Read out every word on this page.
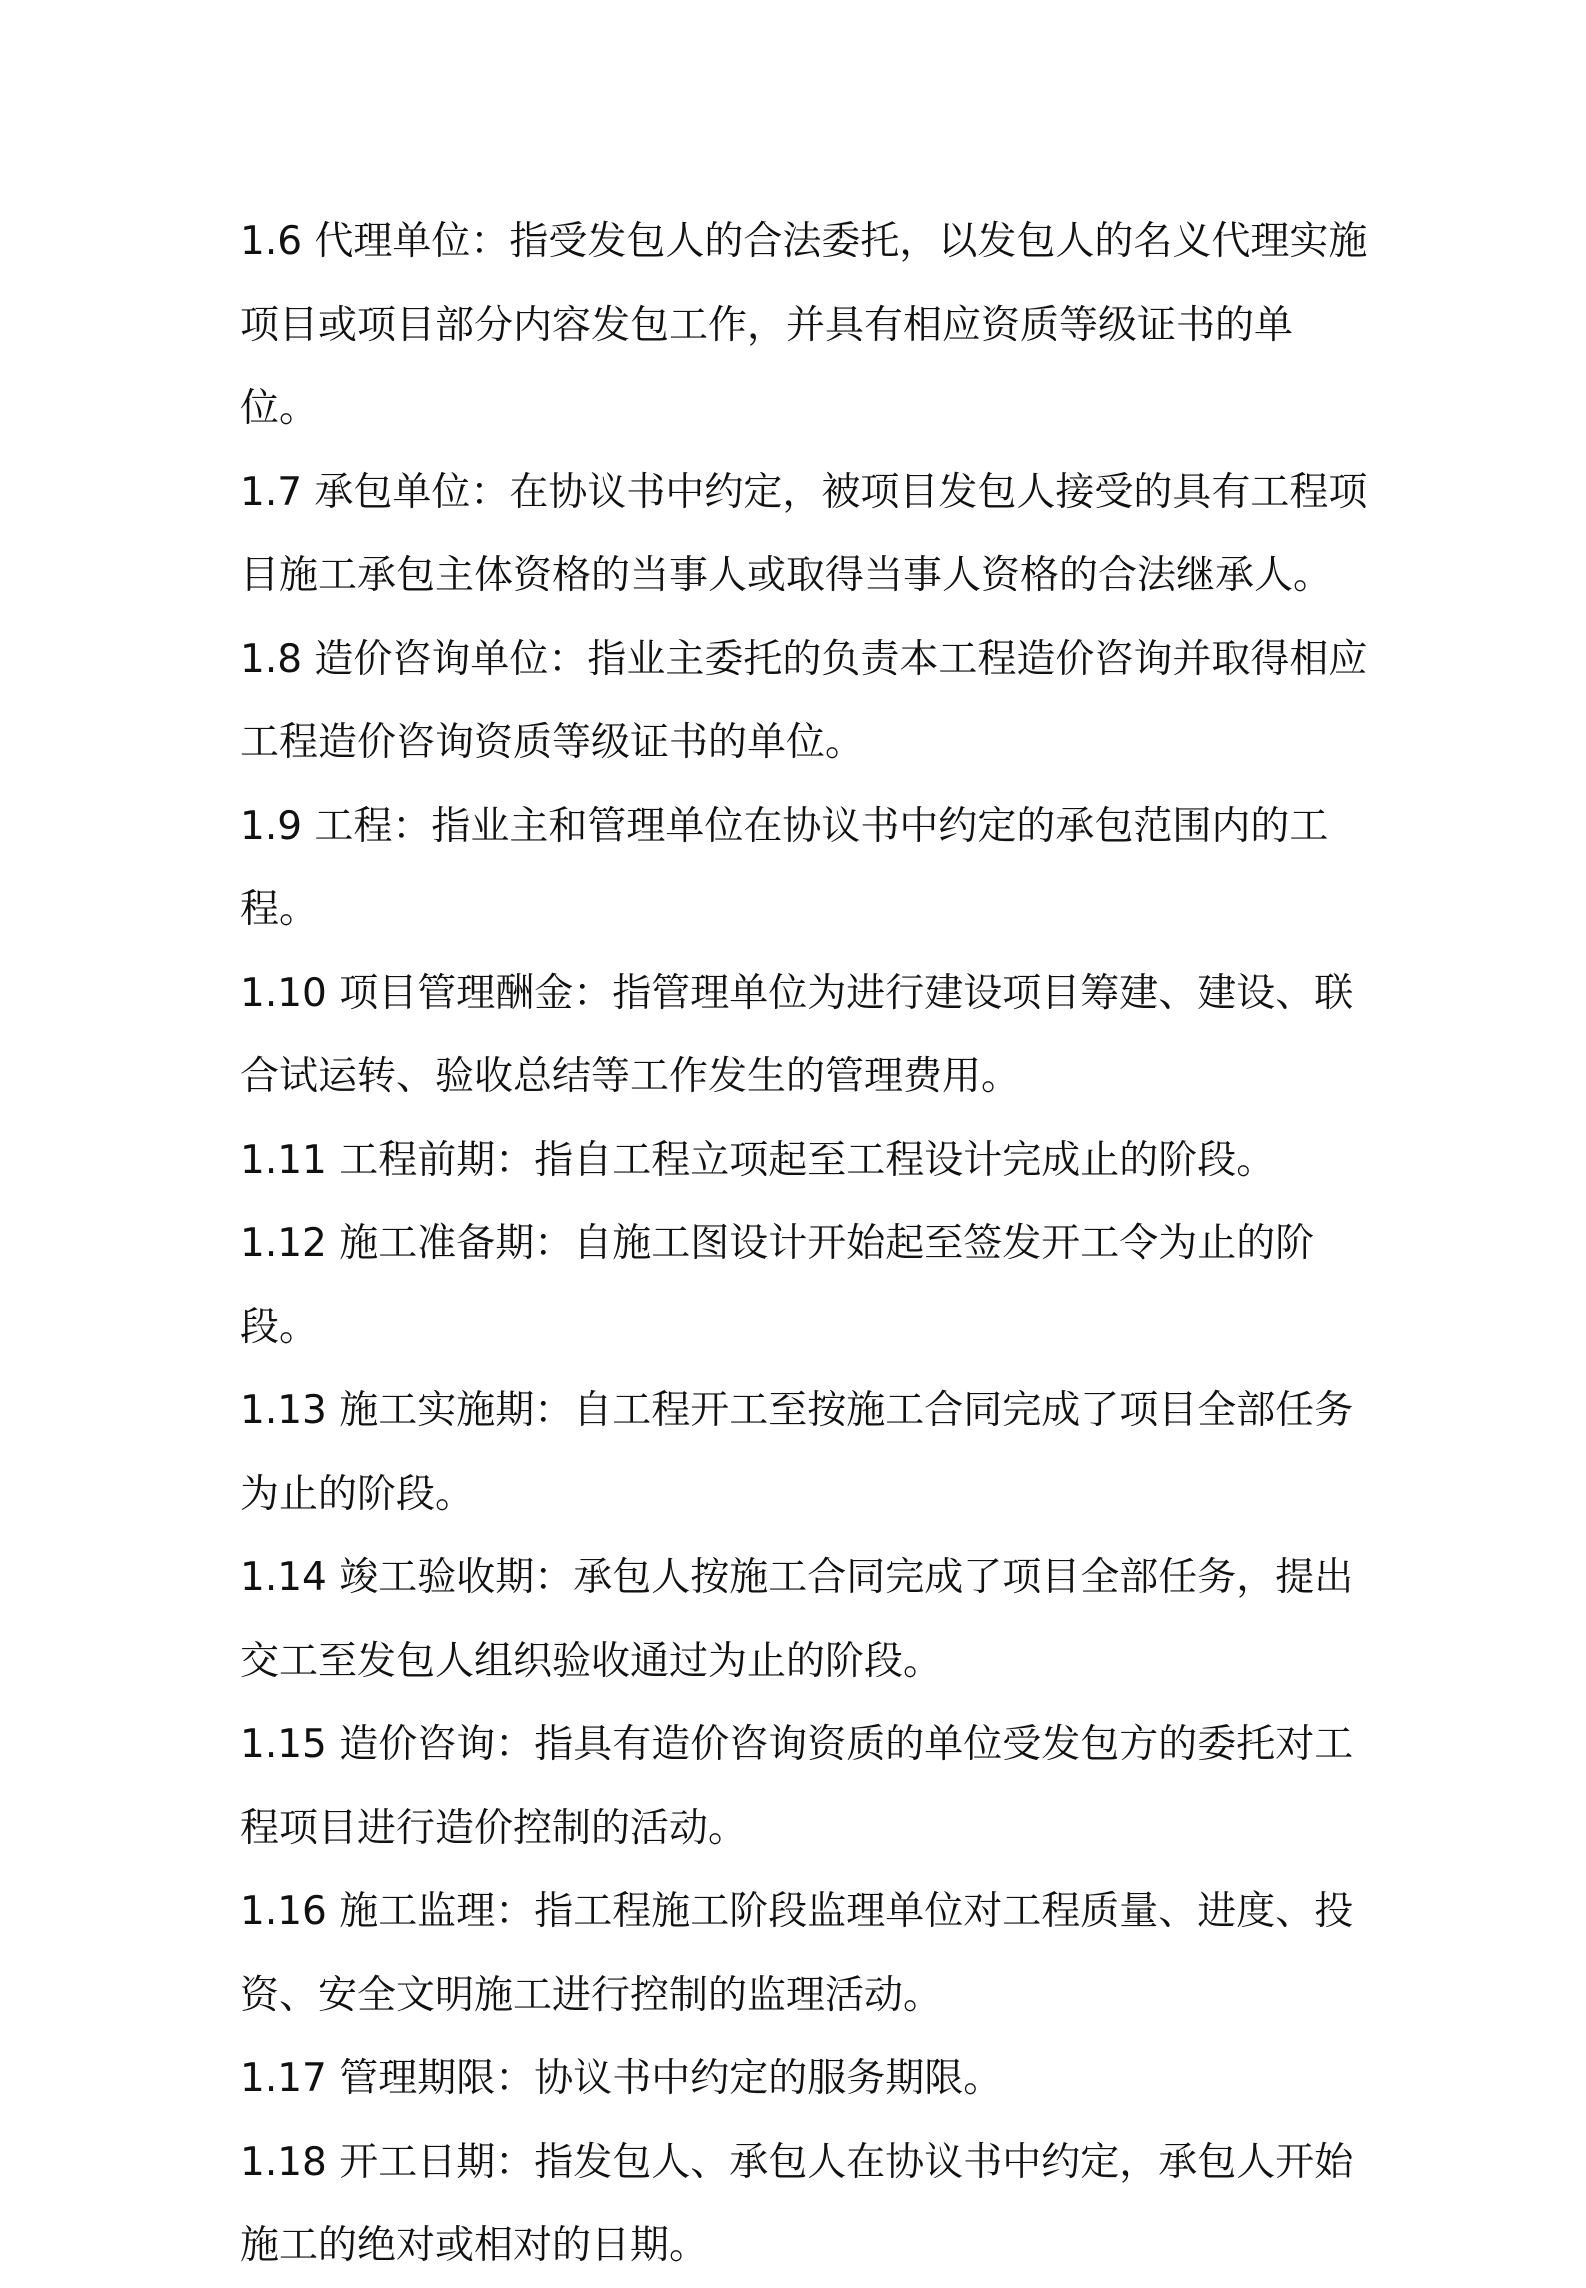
1.6 代理单位：指受发包人的合法委托，以发包人的名义代理实施项目或项目部分内容发包工作，并具有相应资质等级证书的单位。

1.7 承包单位：在协议书中约定，被项目发包人接受的具有工程项目施工承包主体资格的当事人或取得当事人资格的合法继承人。

1.8 造价咨询单位：指业主委托的负责本工程造价咨询并取得相应工程造价咨询资质等级证书的单位。

1.9 工程：指业主和管理单位在协议书中约定的承包范围内的工程。

1.10 项目管理酬金：指管理单位为进行建设项目筹建、建设、联合试运转、验收总结等工作发生的管理费用。

1.11 工程前期：指自工程立项起至工程设计完成止的阶段。

1.12 施工准备期：自施工图设计开始起至签发开工令为止的阶段。

1.13 施工实施期：自工程开工至按施工合同完成了项目全部任务为止的阶段。

1.14 竣工验收期：承包人按施工合同完成了项目全部任务，提出交工至发包人组织验收通过为止的阶段。

1.15 造价咨询：指具有造价咨询资质的单位受发包方的委托对工程项目进行造价控制的活动。

1.16 施工监理：指工程施工阶段监理单位对工程质量、进度、投资、安全文明施工进行控制的监理活动。

1.17 管理期限：协议书中约定的服务期限。

1.18 开工日期：指发包人、承包人在协议书中约定，承包人开始施工的绝对或相对的日期。
